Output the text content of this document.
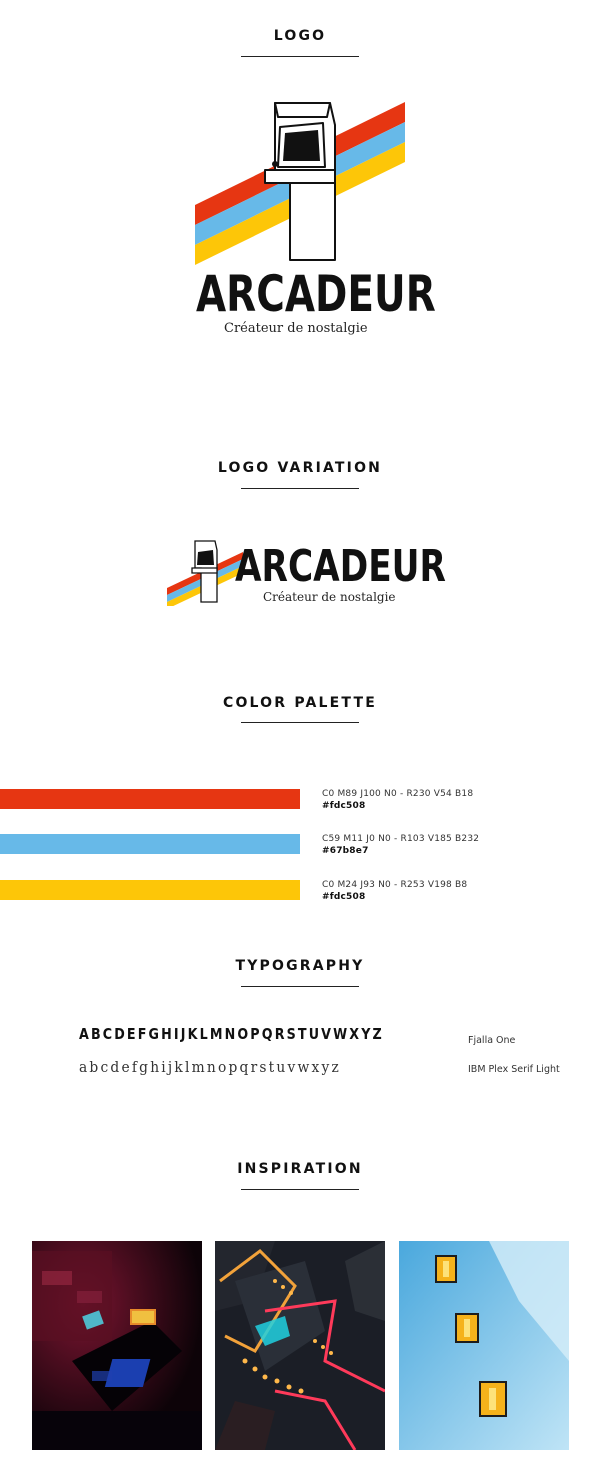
LOGO
ARCADEUR
Créateur de nostalgie
LOGO VARIATION
ARCADEUR
Créateur de nostalgie
COLOR PALETTE
C0 M89 J100 N0 - R230 V54 B18
#fdc508
C59 M11 J0 N0 - R103 V185 B232
#67b8e7
C0 M24 J93 N0 - R253 V198 B8
#fdc508
TYPOGRAPHY
ABCDEFGHIJKLMNOPQRSTUVWXYZ	Fjalla One
abcdefghijklmnopqrstuvwxyz	IBM Plex Serif Light
INSPIRATION
